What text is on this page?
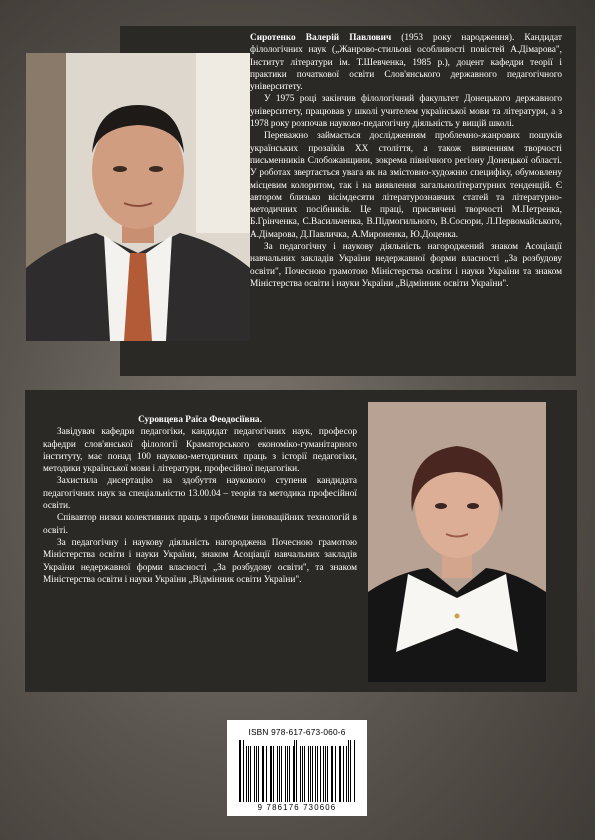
Сиротенко Валерій Павлович (1953 року народження). Кандидат філологічних наук („Жанрово-стильові особливості повістей А.Дімарова", Інститут літератури ім. Т.Шевченка, 1985 р.), доцент кафедри теорії і практики початкової освіти Слов'янського державного педагогічного університету.

У 1975 році закінчив філологічний факультет Донецького державного університету, працював у школі учителем української мови та літератури, а з 1978 року розпочав науково-педагогічну діяльність у вищій школі.

Переважно займається дослідженням проблемно-жанрових пошуків українських прозаїків XX століття, а також вивченням творчості письменників Слобожанщини, зокрема північного регіону Донецької області. У роботах звертається увага як на змістовно-художню специфіку, обумовлену місцевим колоритом, так і на виявлення загальнолітературних тенденцій. Є автором близько вісімдесяти літературознавчих статей та літературно-методичних посібників. Це праці, присвячені творчості М.Петренка, Б.Грінченка, С.Васильченка, В.Підмогильного, В.Сосюри, Л.Первомайського, А.Дімарова, Д.Павличка, А.Мироненка, Ю.Доценка.

За педагогічну і наукову діяльність нагороджений знаком Асоціації навчальних закладів України недержавної форми власності „За розбудову освіти", Почесною грамотою Міністерства освіти і науки України та знаком Міністерства освіти і науки України „Відмінник освіти України".

Суровцева Раїса Феодосіївна.

Завідувач кафедри педагогіки, кандидат педагогічних наук, професор кафедри слов'янської філології Краматорського економіко-гуманітарного інституту, має понад 100 науково-методичних праць з історії педагогіки, методики української мови і літератури, професійної педагогіки.

Захистила дисертацію на здобуття наукового ступеня кандидата педагогічних наук за спеціальністю 13.00.04 – теорія та методика професійної освіти.

Співавтор низки колективних праць з проблеми інноваційних технологій в освіті.

За педагогічну і наукову діяльність нагороджена Почесною грамотою Міністерства освіти і науки України, знаком Асоціації навчальних закладів України недержавної форми власності „За розбудову освіти", та знаком Міністерства освіти і науки України „Відмінник освіти України".

ISBN 978-617-673-060-6
9 786176 730606
